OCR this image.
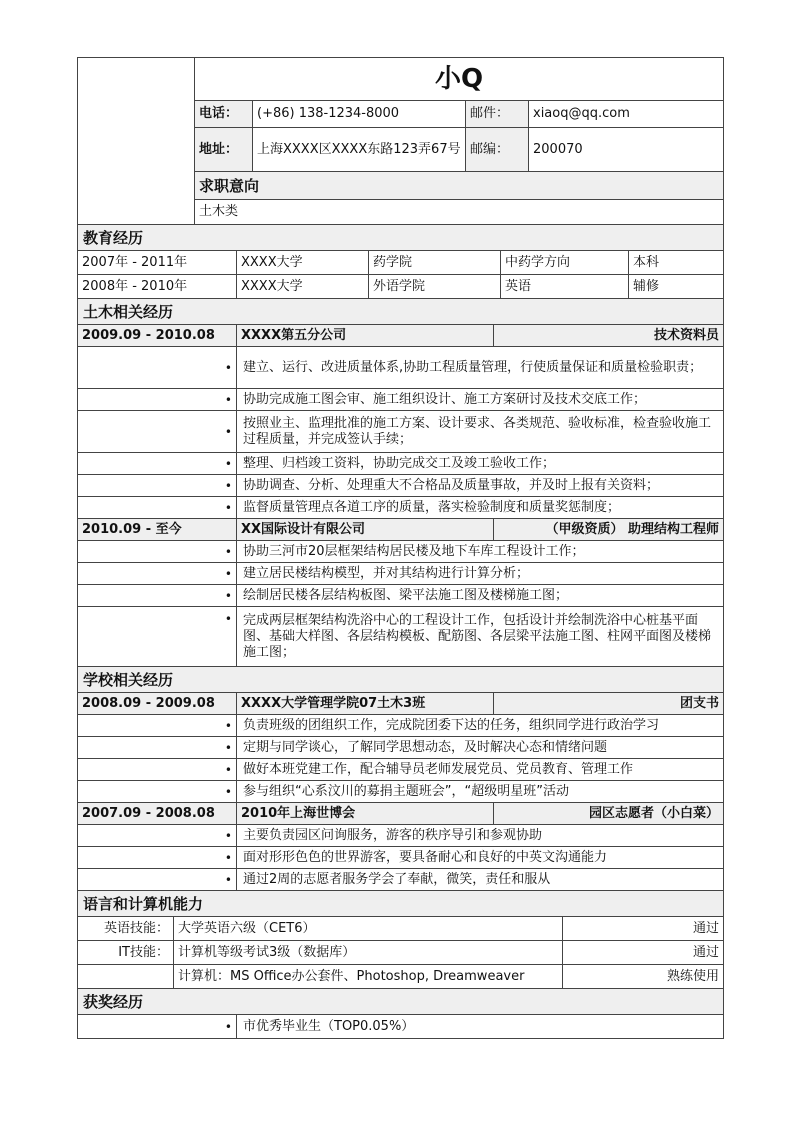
	小Q			
	电话：	(+86) 138-1234-8000	邮件：	xiaoq@qq.com
	地址：	上海XXXX区XXXX东路123弄67号	邮编：	200070
	求职意向			
	土木类			
教育经历				
2007年 - 2011年	XXXX大学	药学院	中药学方向	本科
2008年 - 2010年	XXXX大学	外语学院	英语	辅修
土木相关经历
2009.09 - 2010.08	XXXX第五分公司	技术资料员
•	建立、运行、改进质量体系,协助工程质量管理，行使质量保证和质量检验职责；
•	协助完成施工图会审、施工组织设计、施工方案研讨及技术交底工作；
•	按照业主、监理批准的施工方案、设计要求、各类规范、验收标准，检查验收施工过程质量，并完成签认手续；
•	整理、归档竣工资料，协助完成交工及竣工验收工作；
•	协助调查、分析、处理重大不合格品及质量事故，并及时上报有关资料；
•	监督质量管理点各道工序的质量，落实检验制度和质量奖惩制度；
2010.09 - 至今	XX国际设计有限公司	（甲级资质） 助理结构工程师
•	协助三河市20层框架结构居民楼及地下车库工程设计工作；
•	建立居民楼结构模型，并对其结构进行计算分析；
•	绘制居民楼各层结构板图、梁平法施工图及楼梯施工图；
•	完成两层框架结构洗浴中心的工程设计工作，包括设计并绘制洗浴中心桩基平面图、基础大样图、各层结构模板、配筋图、各层梁平法施工图、柱网平面图及楼梯施工图；
学校相关经历
2008.09 - 2009.08	XXXX大学管理学院07土木3班	团支书
•	负责班级的团组织工作，完成院团委下达的任务，组织同学进行政治学习
•	定期与同学谈心，了解同学思想动态，及时解决心态和情绪问题
•	做好本班党建工作，配合辅导员老师发展党员、党员教育、管理工作
•	参与组织“心系汶川的募捐主题班会”，“超级明星班”活动
2007.09 - 2008.08	2010年上海世博会	园区志愿者（小白菜）
•	主要负责园区问询服务，游客的秩序导引和参观协助
•	面对形形色色的世界游客，要具备耐心和良好的中英文沟通能力
•	通过2周的志愿者服务学会了奉献，微笑，责任和服从
语言和计算机能力		
英语技能：	大学英语六级（CET6）	通过
IT技能：	计算机等级考试3级（数据库）	通过
	计算机：MS Office办公套件、Photoshop, Dreamweaver	熟练使用
获奖经历
•	市优秀毕业生（TOP0.05%）
